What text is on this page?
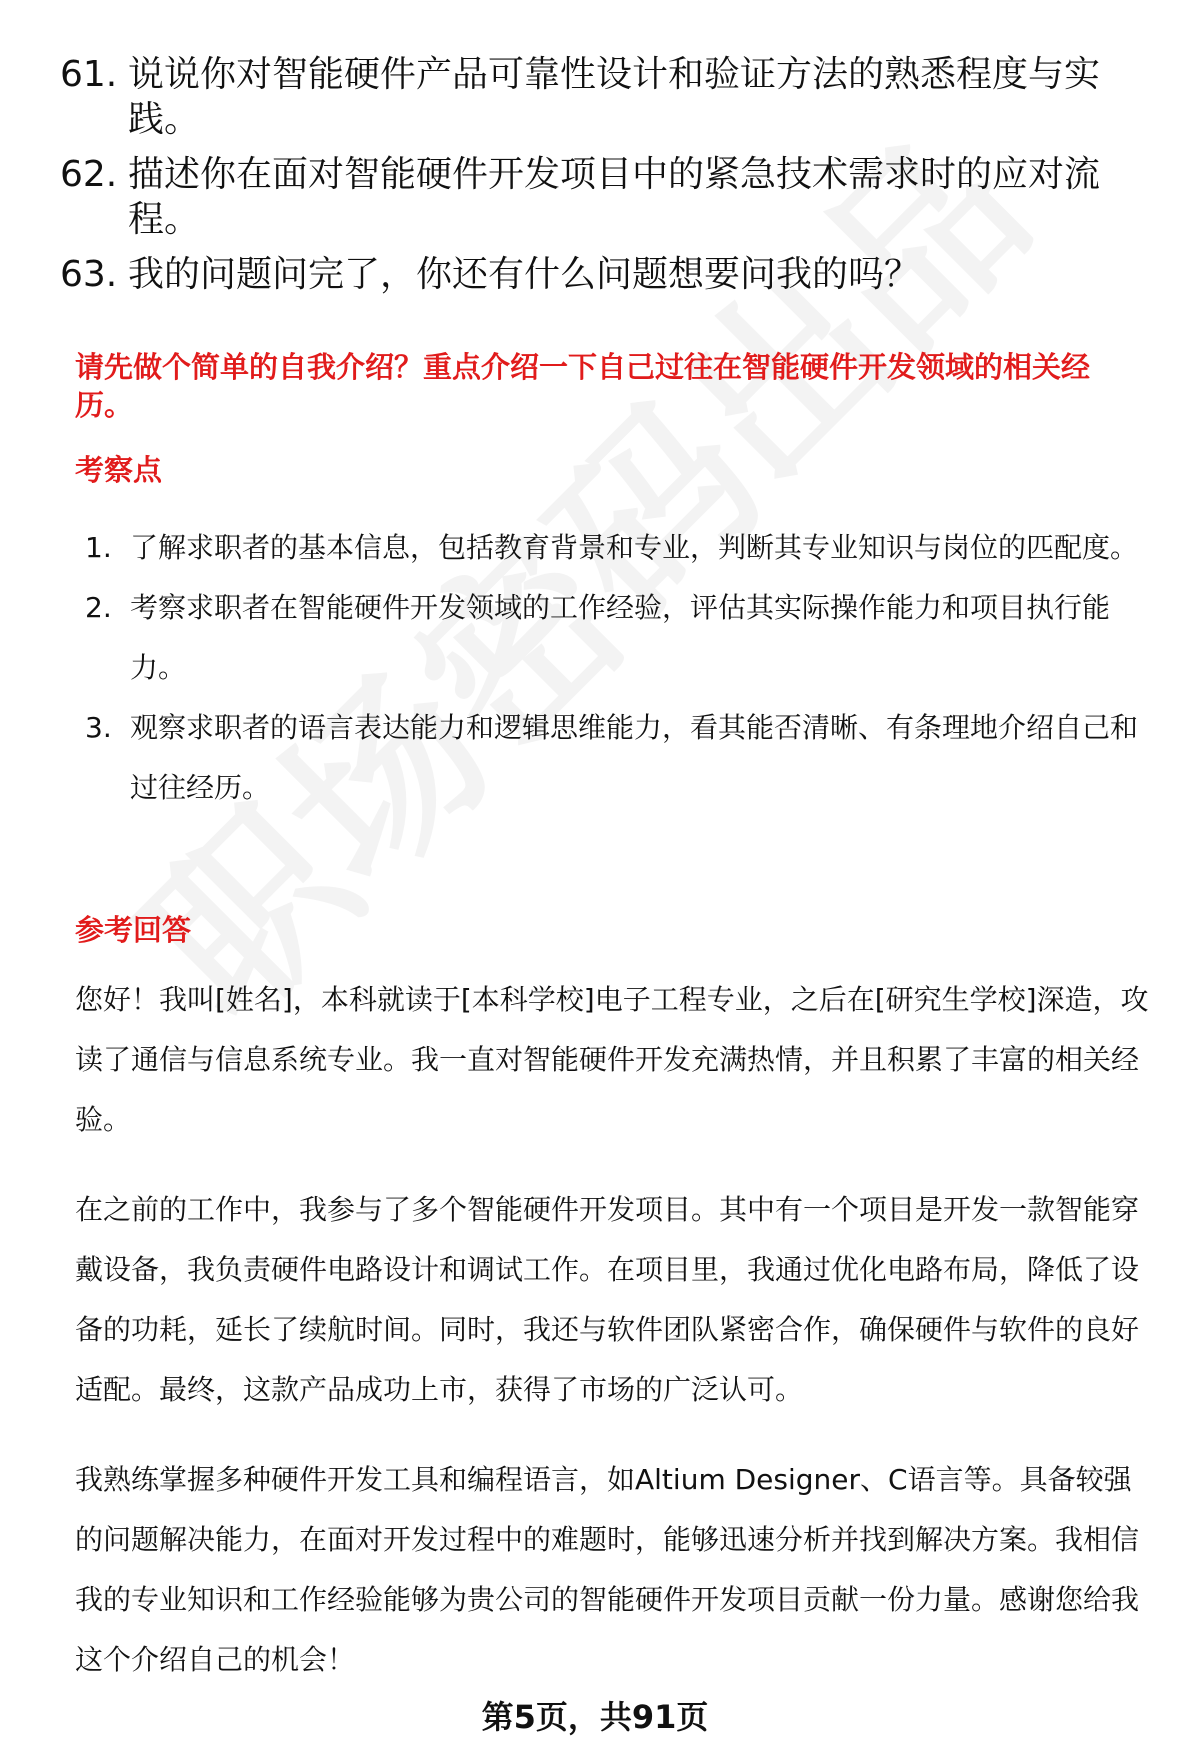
61. 说说你对智能硬件产品可靠性设计和验证方法的熟悉程度与实践。
62. 描述你在面对智能硬件开发项目中的紧急技术需求时的应对流程。
63. 我的问题问完了，你还有什么问题想要问我的吗？
请先做个简单的自我介绍？重点介绍一下自己过往在智能硬件开发领域的相关经历。
考察点
1. 了解求职者的基本信息，包括教育背景和专业，判断其专业知识与岗位的匹配度。
2. 考察求职者在智能硬件开发领域的工作经验，评估其实际操作能力和项目执行能力。
3. 观察求职者的语言表达能力和逻辑思维能力，看其能否清晰、有条理地介绍自己和过往经历。
参考回答

您好！我叫[姓名]，本科就读于[本科学校]电子工程专业，之后在[研究生学校]深造，攻读了通信与信息系统专业。我一直对智能硬件开发充满热情，并且积累了丰富的相关经验。

在之前的工作中，我参与了多个智能硬件开发项目。其中有一个项目是开发一款智能穿戴设备，我负责硬件电路设计和调试工作。在项目里，我通过优化电路布局，降低了设备的功耗，延长了续航时间。同时，我还与软件团队紧密合作，确保硬件与软件的良好适配。最终，这款产品成功上市，获得了市场的广泛认可。

我熟练掌握多种硬件开发工具和编程语言，如Altium Designer、C语言等。具备较强的问题解决能力，在面对开发过程中的难题时，能够迅速分析并找到解决方案。我相信我的专业知识和工作经验能够为贵公司的智能硬件开发项目贡献一份力量。感谢您给我这个介绍自己的机会！

第5页，共91页
